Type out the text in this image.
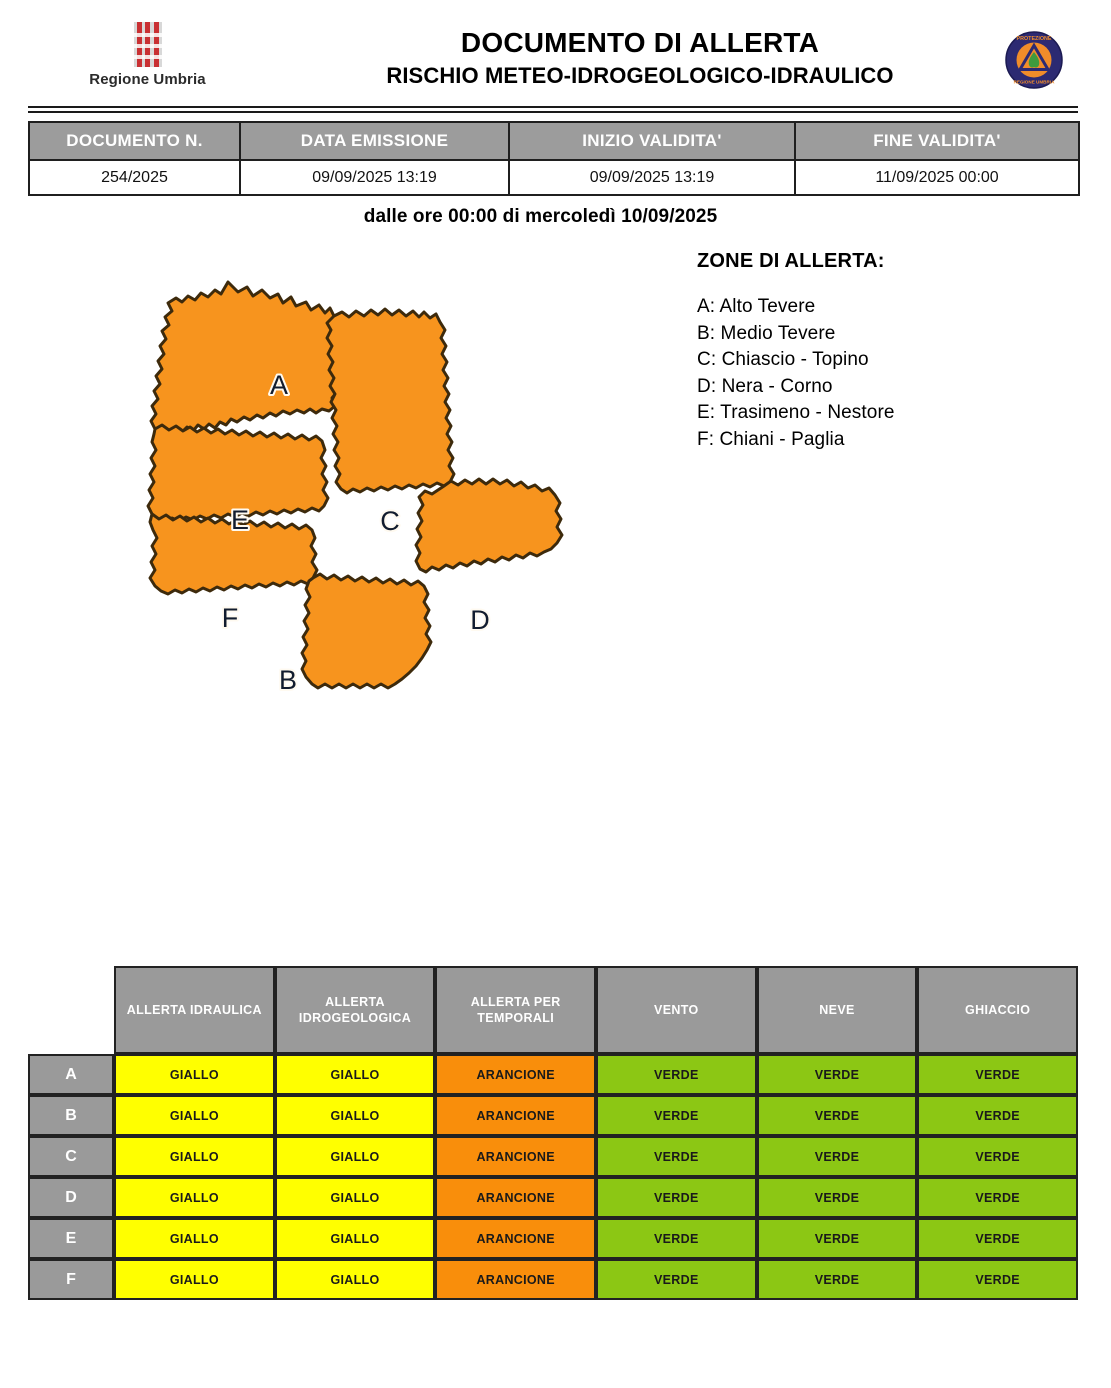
Regione Umbria
DOCUMENTO DI ALLERTA
RISCHIO METEO-IDROGEOLOGICO-IDRAULICO
PROTEZIONE
REGIONE UMBRIA
DOCUMENTO N.	DATA EMISSIONE	INIZIO VALIDITA'	FINE VALIDITA'
254/2025	09/09/2025 13:19	09/09/2025 13:19	11/09/2025 00:00
dalle ore 00:00 di mercoledì 10/09/2025
A
E	C
F
B
D
ZONE DI ALLERTA:
A: Alto Tevere
B: Medio Tevere
C: Chiascio - Topino
D: Nera - Corno
E: Trasimeno - Nestore
F: Chiani - Paglia
	ALLERTA IDRAULICA	ALLERTA IDROGEOLOGICA	ALLERTA PER TEMPORALI	VENTO	NEVE	GHIACCIO
A	GIALLO	GIALLO	ARANCIONE	VERDE	VERDE	VERDE
B	GIALLO	GIALLO	ARANCIONE	VERDE	VERDE	VERDE
C	GIALLO	GIALLO	ARANCIONE	VERDE	VERDE	VERDE
D	GIALLO	GIALLO	ARANCIONE	VERDE	VERDE	VERDE
E	GIALLO	GIALLO	ARANCIONE	VERDE	VERDE	VERDE
F	GIALLO	GIALLO	ARANCIONE	VERDE	VERDE	VERDE
